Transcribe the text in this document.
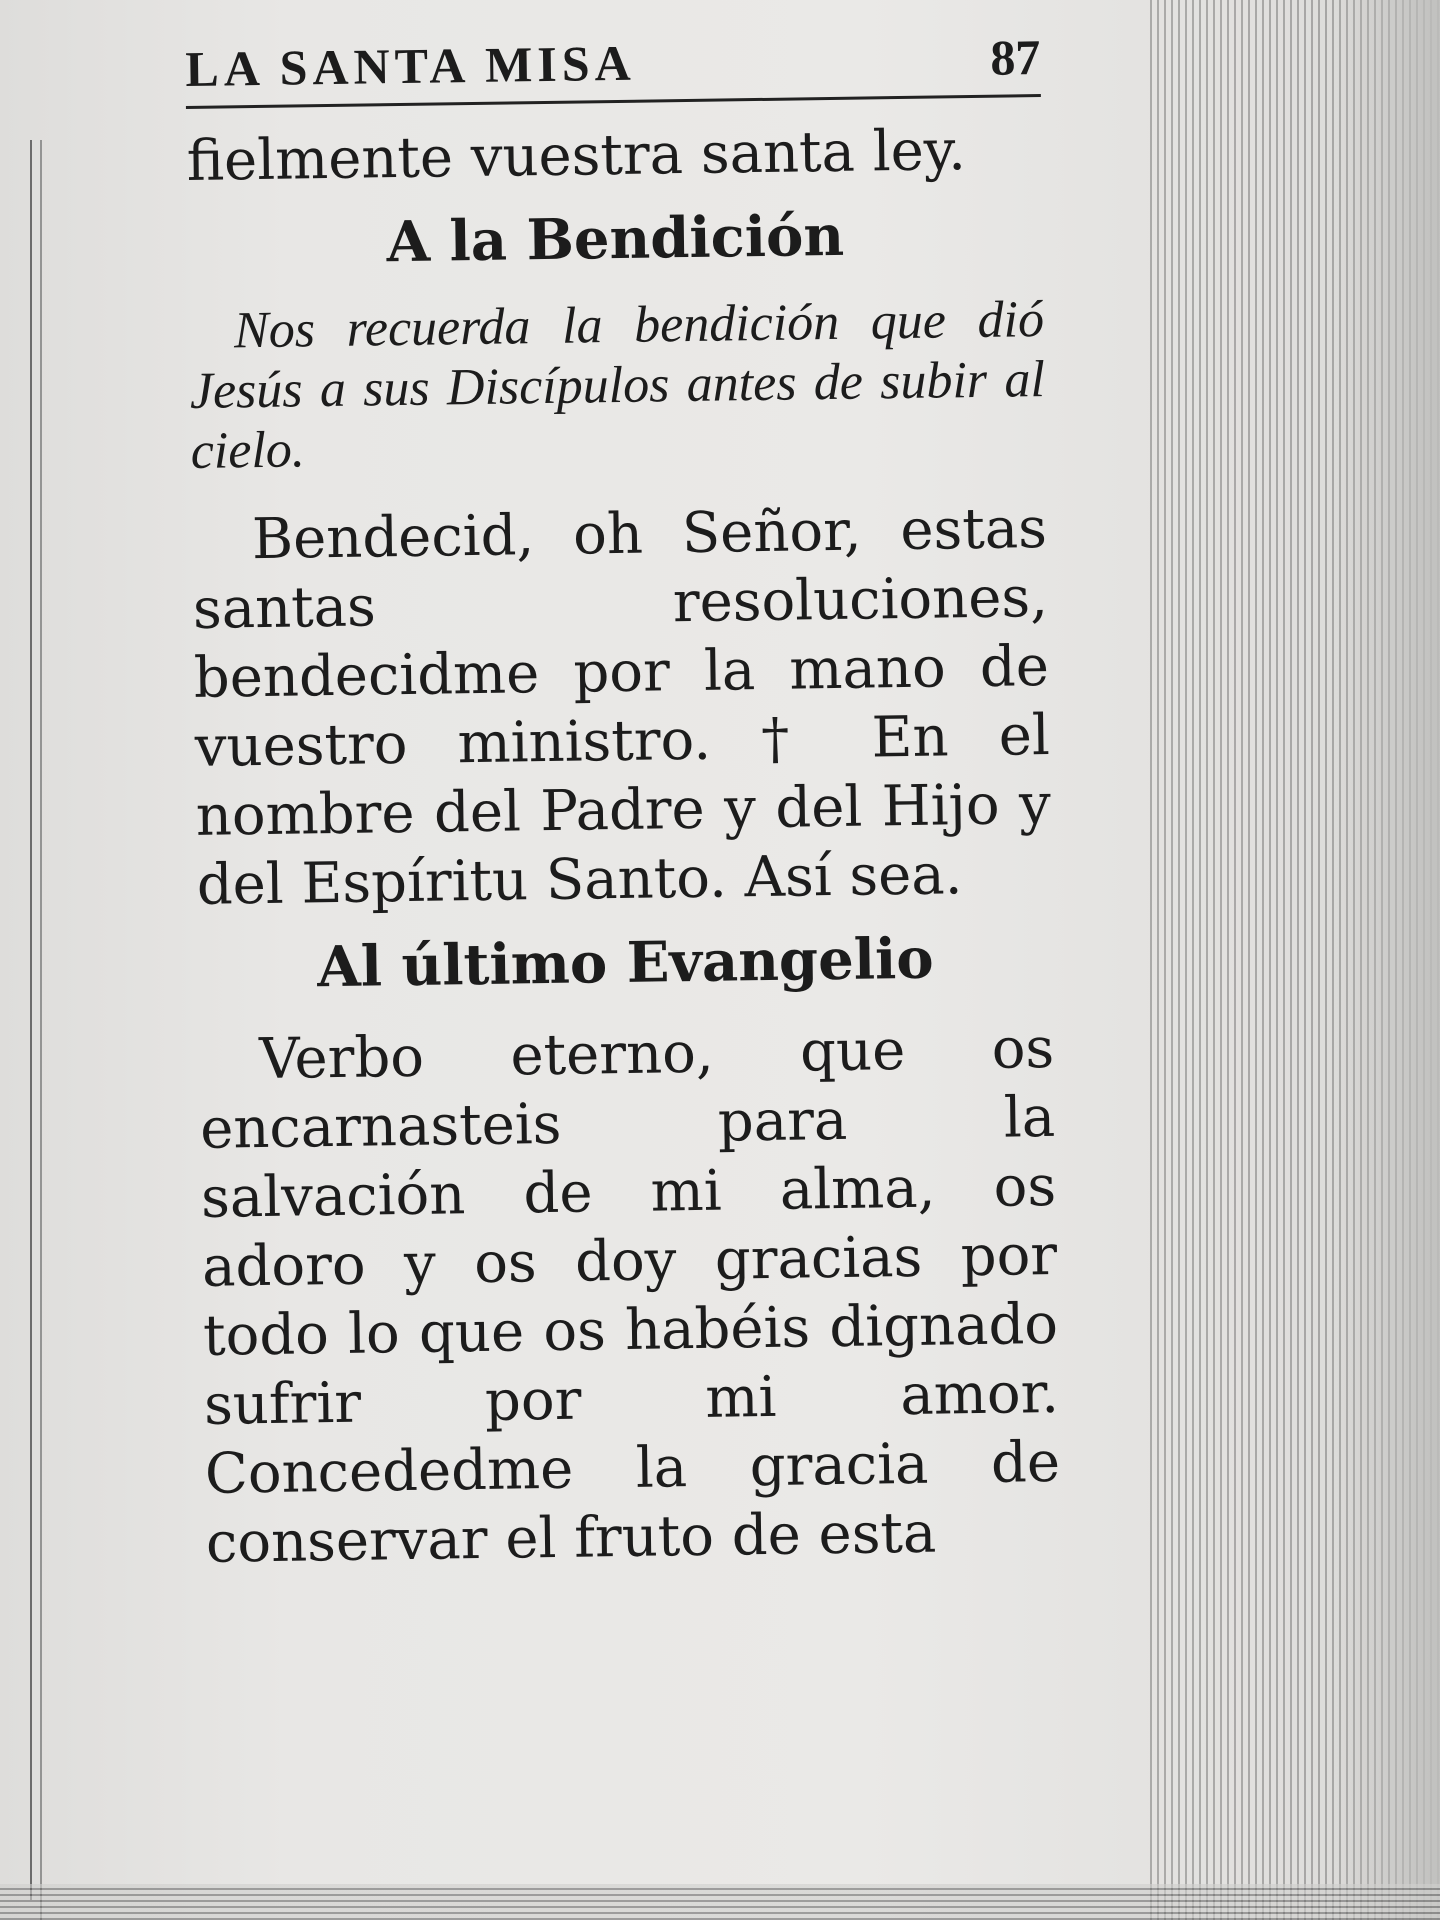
LA SANTA MISA	87

fielmente vuestra santa ley.

A la Bendición

Nos recuerda la bendición que dió Jesús a sus Discípulos antes de subir al cielo.

Bendecid, oh Señor, estas santas resoluciones, bendecidme por la mano de vuestro ministro. † En el nombre del Padre y del Hijo y del Espíritu Santo. Así sea.

Al último Evangelio

Verbo eterno, que os encarnasteis para la salvación de mi alma, os adoro y os doy gracias por todo lo que os habéis dignado sufrir por mi amor. Concededme la gracia de conservar el fruto de esta
